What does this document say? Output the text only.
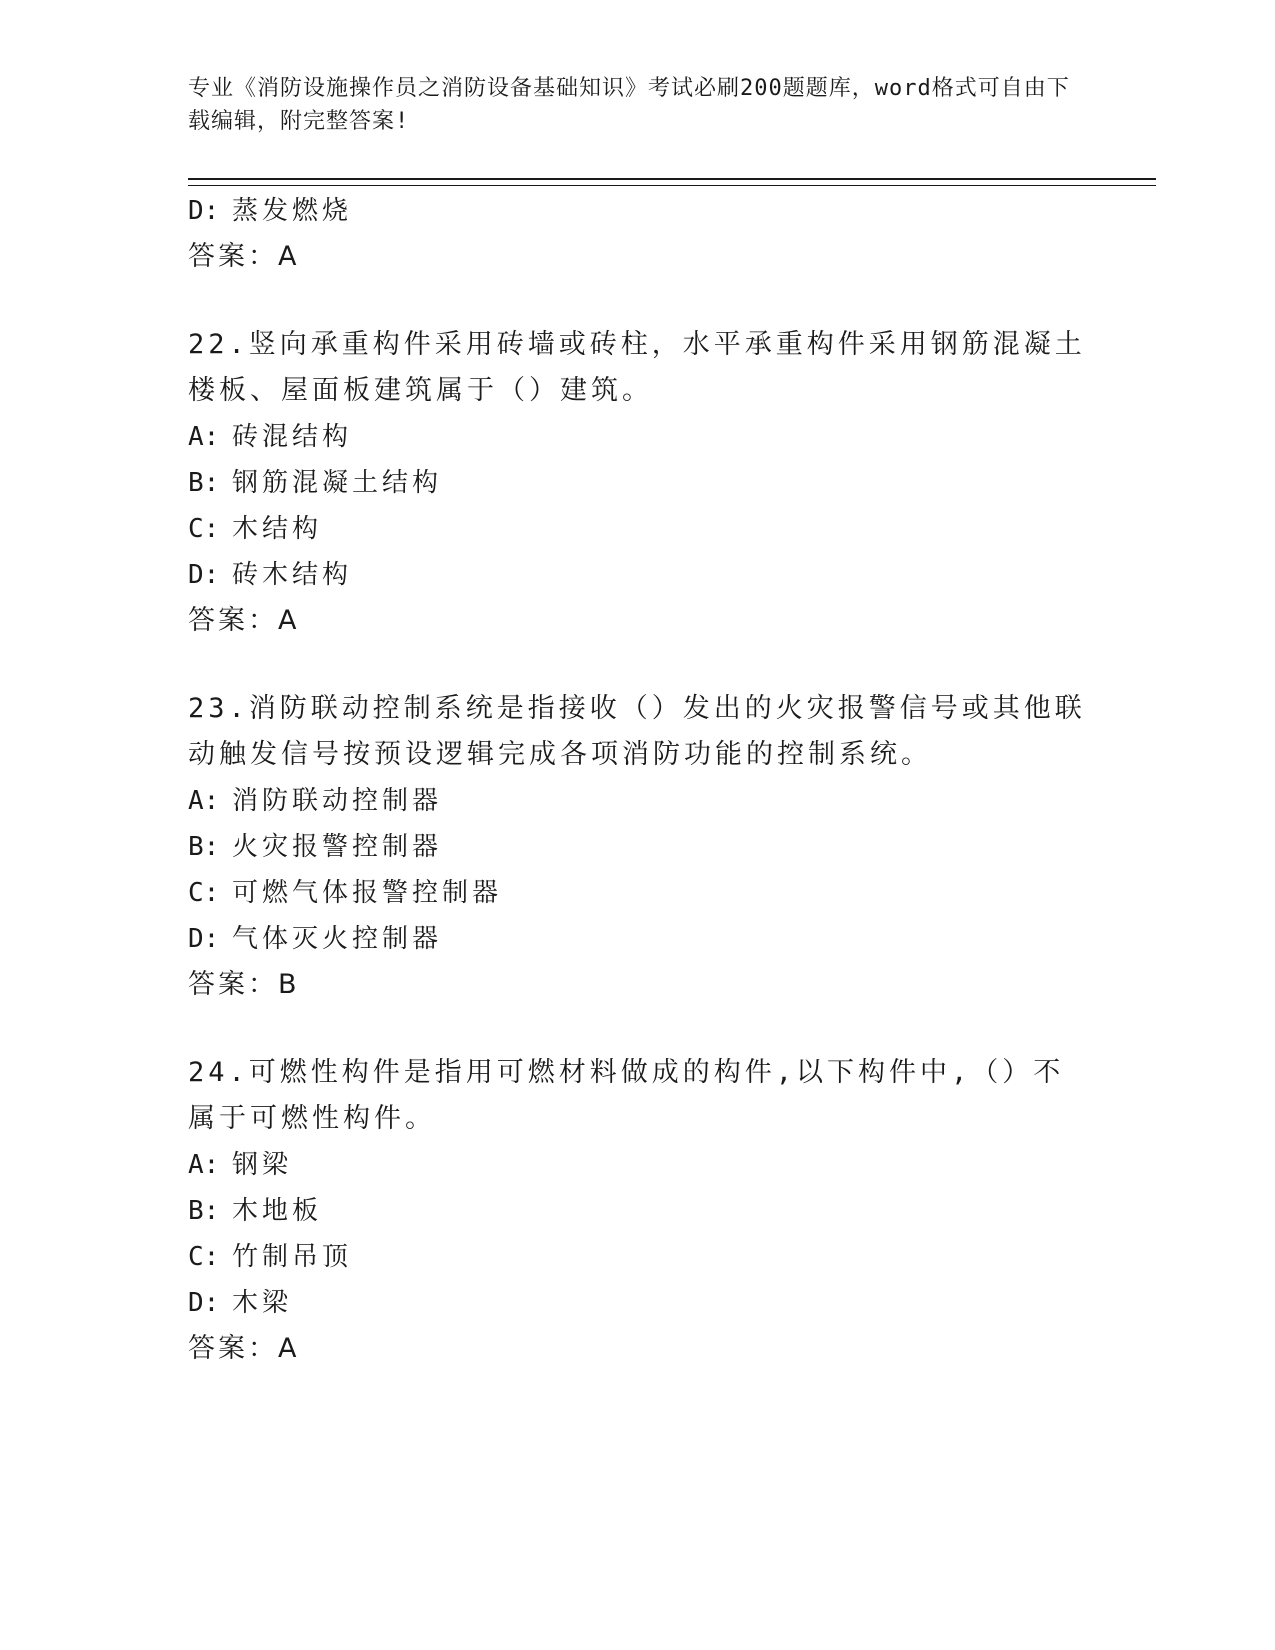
专业《消防设施操作员之消防设备基础知识》考试必刷200题题库，word格式可自由下载编辑，附完整答案!
D: 蒸发燃烧
答案：A
22.竖向承重构件采用砖墙或砖柱，水平承重构件采用钢筋混凝土楼板、屋面板建筑属于（）建筑。
A: 砖混结构
B: 钢筋混凝土结构
C: 木结构
D: 砖木结构
答案：A
23.消防联动控制系统是指接收（）发出的火灾报警信号或其他联动触发信号按预设逻辑完成各项消防功能的控制系统。
A: 消防联动控制器
B: 火灾报警控制器
C: 可燃气体报警控制器
D: 气体灭火控制器
答案：B
24.可燃性构件是指用可燃材料做成的构件,以下构件中,（）不属于可燃性构件。
A: 钢梁
B: 木地板
C: 竹制吊顶
D: 木梁
答案：A
